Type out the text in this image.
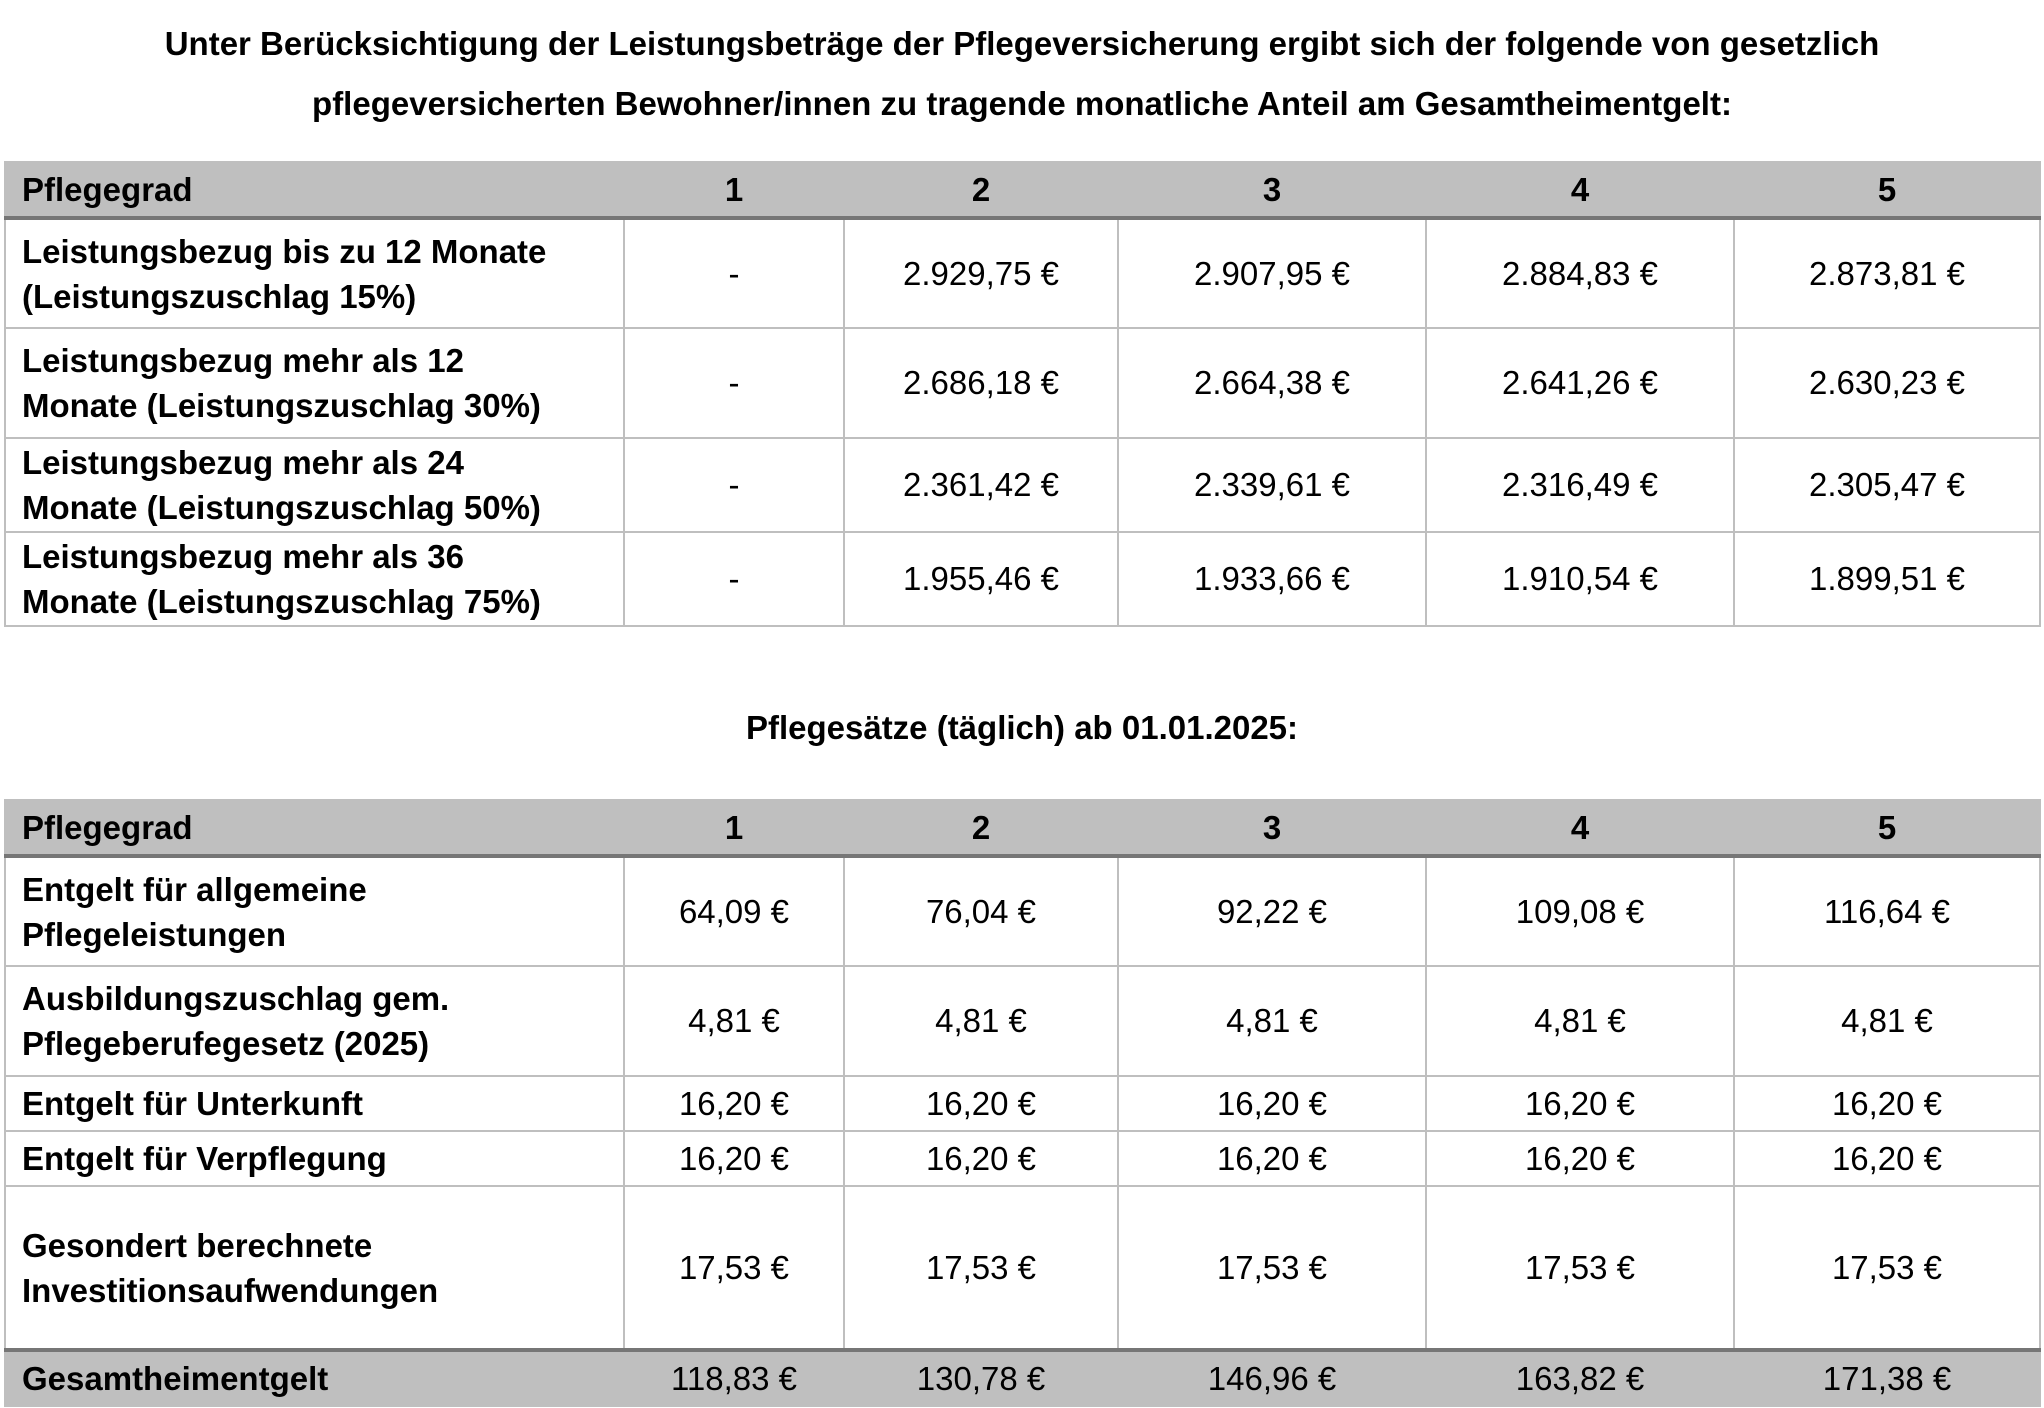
Unter Berücksichtigung der Leistungsbeträge der Pflegeversicherung ergibt sich der folgende von gesetzlich
pflegeversicherten Bewohner/innen zu tragende monatliche Anteil am Gesamtheimentgelt:
Pflegegrad	1	2	3	4	5

Leistungsbezug bis zu 12 Monate
(Leistungszuschlag 15%)	-	2.929,75 €	2.907,95 €	2.884,83 €	2.873,81 €

Leistungsbezug mehr als 12
Monate (Leistungszuschlag 30%)	-	2.686,18 €	2.664,38 €	2.641,26 €	2.630,23 €

Leistungsbezug mehr als 24
Monate (Leistungszuschlag 50%)	-	2.361,42 €	2.339,61 €	2.316,49 €	2.305,47 €

Leistungsbezug mehr als 36
Monate (Leistungszuschlag 75%)	-	1.955,46 €	1.933,66 €	1.910,54 €	1.899,51 €
Pflegesätze (täglich) ab 01.01.2025:
Pflegegrad	1	2	3	4	5

Entgelt für allgemeine
Pflegeleistungen	64,09 €	76,04 €	92,22 €	109,08 €	116,64 €

Ausbildungszuschlag gem.
Pflegeberufegesetz (2025)	4,81 €	4,81 €	4,81 €	4,81 €	4,81 €
Entgelt für Unterkunft	16,20 €	16,20 €	16,20 €	16,20 €	16,20 €
Entgelt für Verpflegung	16,20 €	16,20 €	16,20 €	16,20 €	16,20 €

Gesondert berechnete
Investitionsaufwendungen	17,53 €	17,53 €	17,53 €	17,53 €	17,53 €
Gesamtheimentgelt	118,83 €	130,78 €	146,96 €	163,82 €	171,38 €
